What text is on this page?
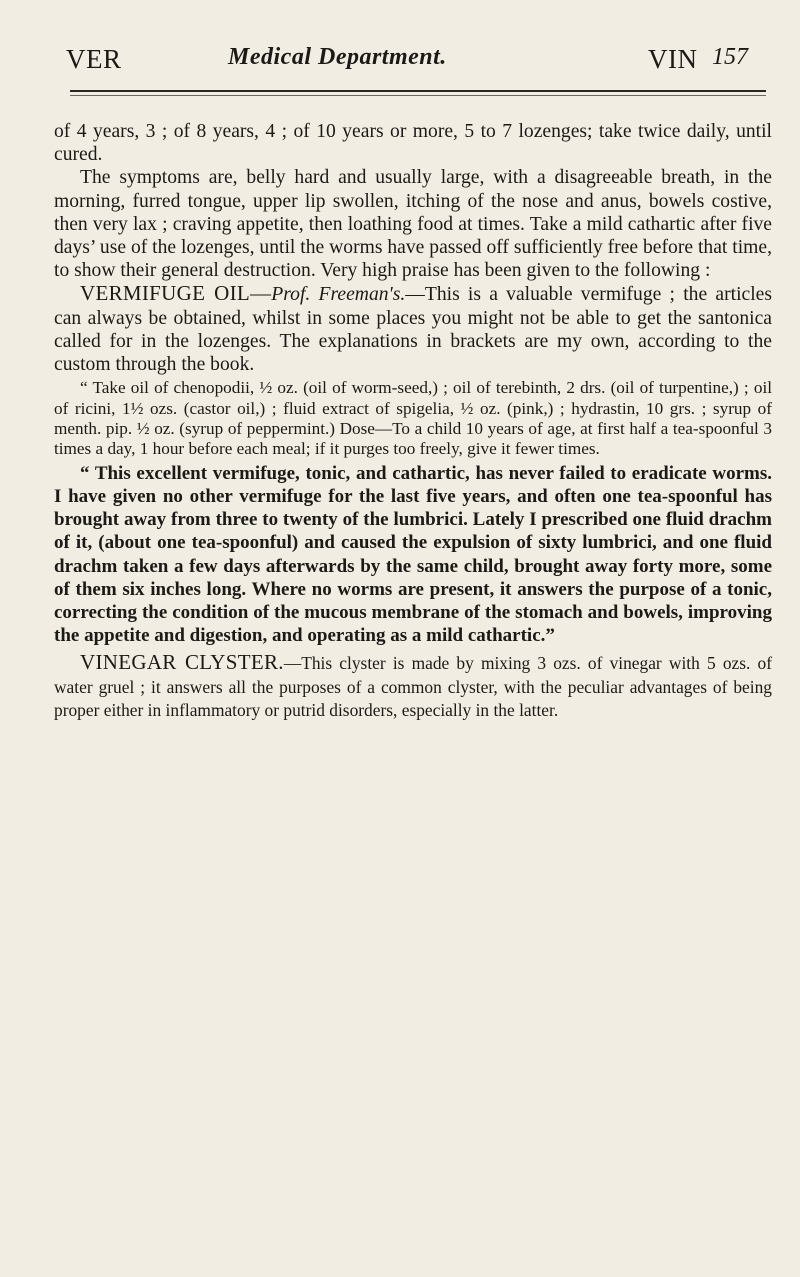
VER	Medical Department.	VIN 157

of 4 years, 3 ; of 8 years, 4 ; of 10 years or more, 5 to 7 lozenges; take twice daily, until cured.

The symptoms are, belly hard and usually large, with a disagreeable breath, in the morning, furred tongue, upper lip swollen, itching of the nose and anus, bowels costive, then very lax ; craving appetite, then loathing food at times. Take a mild cathartic after five days’ use of the lozenges, until the worms have passed off sufficiently free before that time, to show their general destruction. Very high praise has been given to the following :

VERMIFUGE OIL—Prof. Freeman's.—This is a valuable vermifuge ; the articles can always be obtained, whilst in some places you might not be able to get the santonica called for in the lozenges. The explanations in brackets are my own, according to the custom through the book.

“ Take oil of chenopodii, ½ oz. (oil of worm-seed,) ; oil of terebinth, 2 drs. (oil of turpentine,) ; oil of ricini, 1½ ozs. (castor oil,) ; fluid extract of spigelia, ½ oz. (pink,) ; hydrastin, 10 grs. ; syrup of menth. pip. ½ oz. (syrup of peppermint.) Dose—To a child 10 years of age, at first half a tea-spoonful 3 times a day, 1 hour before each meal; if it purges too freely, give it fewer times.

“ This excellent vermifuge, tonic, and cathartic, has never failed to eradicate worms. I have given no other vermifuge for the last five years, and often one tea-spoonful has brought away from three to twenty of the lumbrici. Lately I prescribed one fluid drachm of it, (about one tea-spoonful) and caused the expulsion of sixty lumbrici, and one fluid drachm taken a few days afterwards by the same child, brought away forty more, some of them six inches long. Where no worms are present, it answers the purpose of a tonic, correcting the condition of the mucous membrane of the stomach and bowels, improving the appetite and digestion, and operating as a mild cathartic.”

VINEGAR CLYSTER.—This clyster is made by mixing 3 ozs. of vinegar with 5 ozs. of water gruel ; it answers all the purposes of a common clyster, with the peculiar advantages of being proper either in inflammatory or putrid disorders, especially in the latter.
